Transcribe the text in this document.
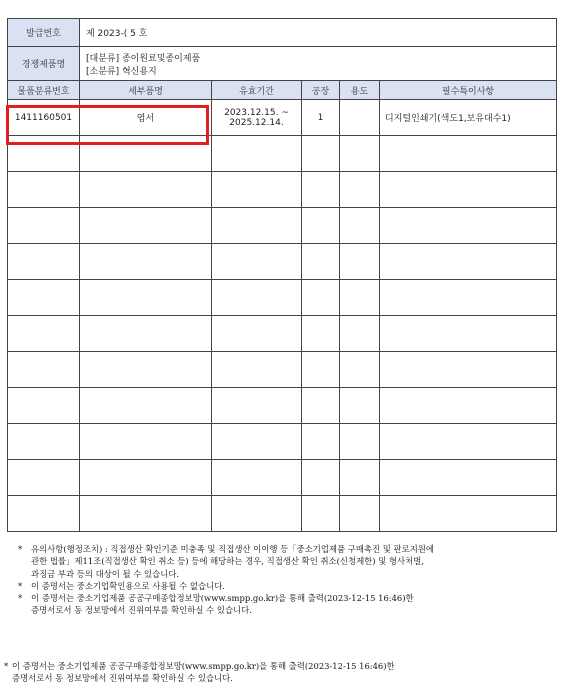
발급번호	제 2023-( 5 호				
경쟁제품명	[대분류] 종이원료및종이제품
[소분류] 혁신용지				

물품분류번호	세부품명	유효기간	공장	용도	필수특이사항
1411160501	엽서	2023.12.15. ~
2025.12.14.	1		디지털인쇄기(색도1,보유대수1)

* 유의사항(행정조치) : 직접생산 확인기준 미충족 및 직접생산 이이행 등「중소기업제품 구매촉진 및 판로지원에
관한 법률」제11조(직접생산 확인 취소 등) 등에 해당하는 경우, 직접생산 확인 취소(신청제한) 및 형사처벌,
과징금 부과 등의 대상이 될 수 있습니다.
* 이 증명서는 중소기업확인용으로 사용될 수 없습니다.
* 이 증명서는 중소기업제품 공공구매종합정보망(www.smpp.go.kr)을 통해 출력(2023-12-15 16:46)한
증명서로서 동 정보망에서 진위여부를 확인하실 수 있습니다.
* 이 증명서는 중소기업제품 공공구매종합정보망(www.smpp.go.kr)을 통해 출력(2023-12-15 16:46)한
증명서로서 동 정보망에서 진위여부를 확인하실 수 있습니다.
